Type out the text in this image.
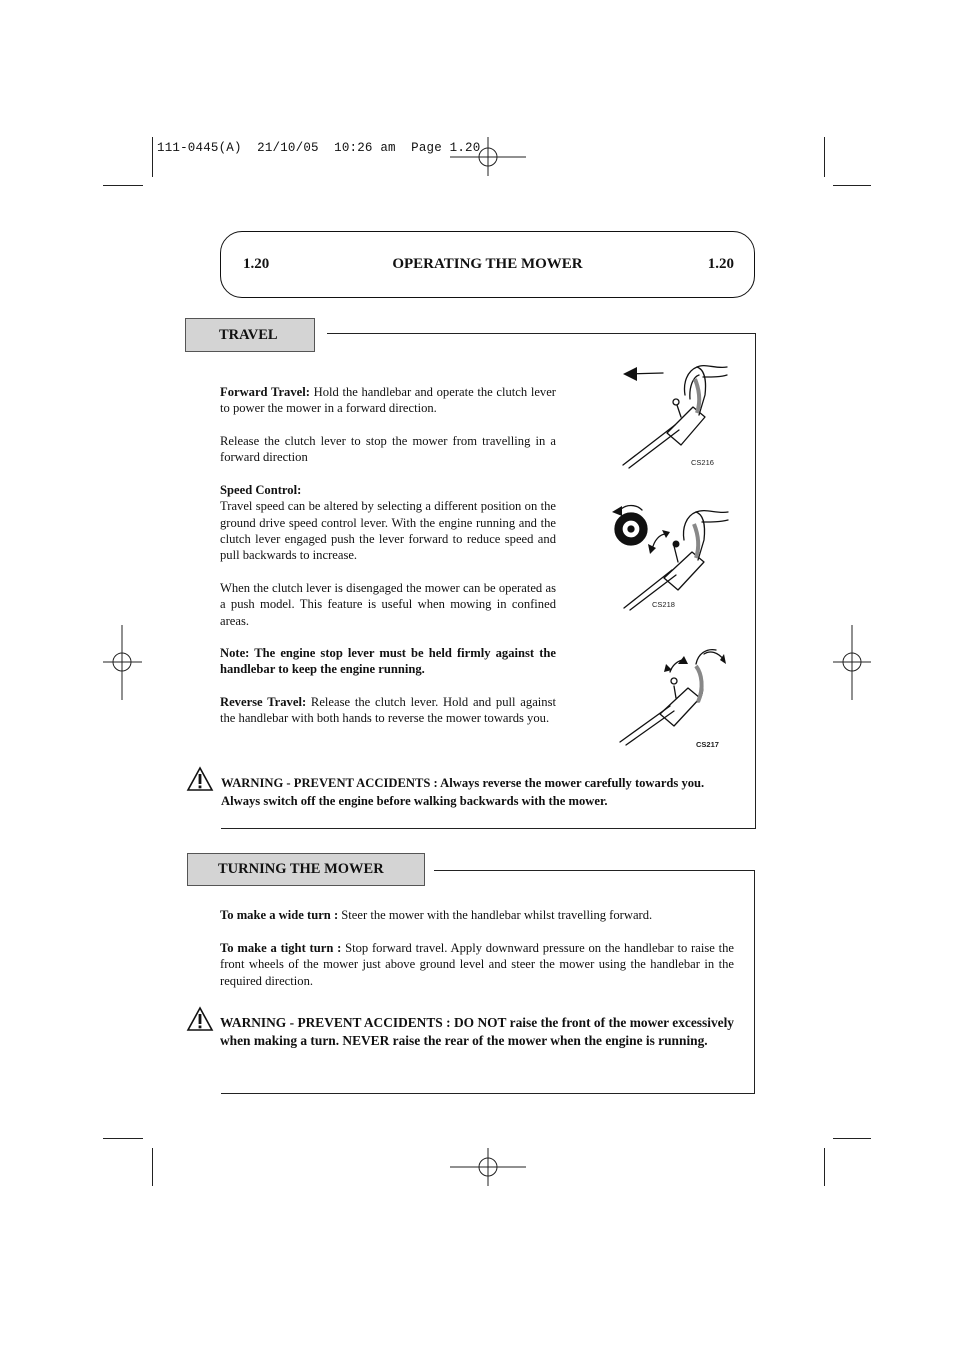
111-0445(A)  21/10/05  10:26 am  Page 1.20
1.20	OPERATING THE MOWER	1.20
TRAVEL
Forward Travel: Hold the handlebar and operate the clutch lever to power the mower in a forward direction.
Release the clutch lever to stop the mower from travelling in a forward direction
Speed Control:
Travel speed can be altered by selecting a different position on the ground drive speed control lever. With the engine running and the clutch lever engaged push the lever forward to reduce speed and pull backwards to increase.
When the clutch lever is disengaged the mower can be operated as a push model. This feature is useful when mowing in confined areas.
Note: The engine stop lever must be held firmly against the handlebar to keep the engine running.
Reverse Travel: Release the clutch lever. Hold and pull against the handlebar with both hands to reverse the mower towards you.
CS216
CS218
CS217
WARNING - PREVENT ACCIDENTS : Always reverse the mower carefully towards you. Always switch off the engine before walking backwards with the mower.
TURNING THE MOWER
To make a wide turn : Steer the mower with the handlebar whilst travelling forward.
To make a tight turn : Stop forward travel. Apply downward pressure on the handlebar to raise the front wheels of the mower just above ground level and steer the mower using the handlebar in the required direction.
WARNING - PREVENT ACCIDENTS : DO NOT raise the front of the mower excessively when making a turn. NEVER raise the rear of the mower when the engine is running.
